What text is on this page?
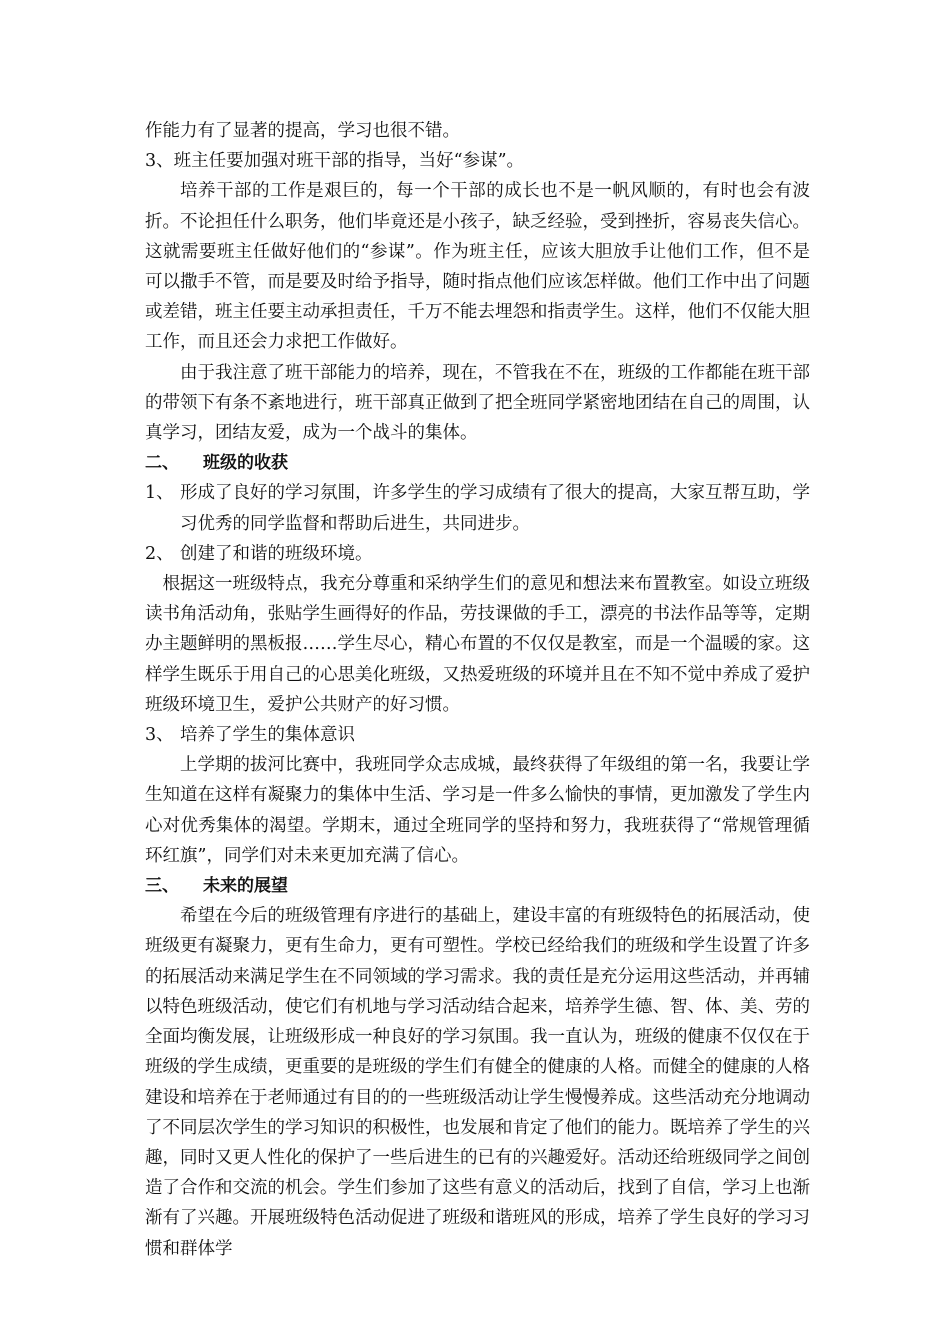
作能力有了显著的提高，学习也很不错。

3、班主任要加强对班干部的指导，当好“参谋”。

培养干部的工作是艰巨的，每一个干部的成长也不是一帆风顺的，有时也会有波折。不论担任什么职务，他们毕竟还是小孩子，缺乏经验，受到挫折，容易丧失信心。这就需要班主任做好他们的“参谋”。作为班主任，应该大胆放手让他们工作，但不是可以撒手不管，而是要及时给予指导，随时指点他们应该怎样做。他们工作中出了问题或差错，班主任要主动承担责任，千万不能去埋怨和指责学生。这样，他们不仅能大胆工作，而且还会力求把工作做好。

由于我注意了班干部能力的培养，现在，不管我在不在，班级的工作都能在班干部的带领下有条不紊地进行，班干部真正做到了把全班同学紧密地团结在自己的周围，认真学习，团结友爱，成为一个战斗的集体。

二、 班级的收获

1、 形成了良好的学习氛围，许多学生的学习成绩有了很大的提高，大家互帮互助，学习优秀的同学监督和帮助后进生，共同进步。

2、 创建了和谐的班级环境。

根据这一班级特点，我充分尊重和采纳学生们的意见和想法来布置教室。如设立班级读书角活动角，张贴学生画得好的作品，劳技课做的手工，漂亮的书法作品等等，定期办主题鲜明的黑板报……学生尽心，精心布置的不仅仅是教室，而是一个温暖的家。这样学生既乐于用自己的心思美化班级，又热爱班级的环境并且在不知不觉中养成了爱护班级环境卫生，爱护公共财产的好习惯。

3、 培养了学生的集体意识

上学期的拔河比赛中，我班同学众志成城，最终获得了年级组的第一名，我要让学生知道在这样有凝聚力的集体中生活、学习是一件多么愉快的事情，更加激发了学生内心对优秀集体的渴望。学期末，通过全班同学的坚持和努力，我班获得了“常规管理循环红旗”，同学们对未来更加充满了信心。

三、 未来的展望

希望在今后的班级管理有序进行的基础上，建设丰富的有班级特色的拓展活动，使班级更有凝聚力，更有生命力，更有可塑性。学校已经给我们的班级和学生设置了许多的拓展活动来满足学生在不同领域的学习需求。我的责任是充分运用这些活动，并再辅以特色班级活动，使它们有机地与学习活动结合起来，培养学生德、智、体、美、劳的全面均衡发展，让班级形成一种良好的学习氛围。我一直认为，班级的健康不仅仅在于班级的学生成绩，更重要的是班级的学生们有健全的健康的人格。而健全的健康的人格建设和培养在于老师通过有目的的一些班级活动让学生慢慢养成。这些活动充分地调动了不同层次学生的学习知识的积极性，也发展和肯定了他们的能力。既培养了学生的兴趣，同时又更人性化的保护了一些后进生的已有的兴趣爱好。活动还给班级同学之间创造了合作和交流的机会。学生们参加了这些有意义的活动后，找到了自信，学习上也渐渐有了兴趣。开展班级特色活动促进了班级和谐班风的形成，培养了学生良好的学习习惯和群体学
